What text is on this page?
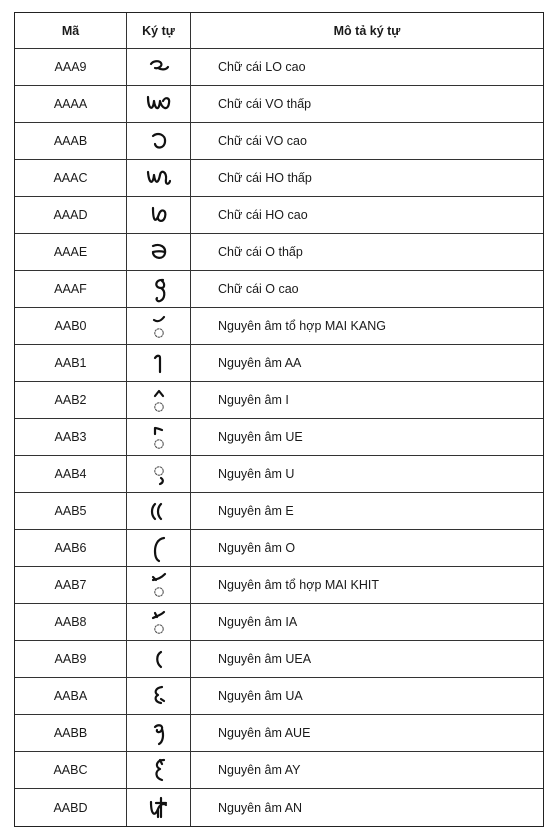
Mã	Ký tự	Mô tả ký tự
AAA9	Chữ cái LO cao
AAAA	Chữ cái VO thấp
AAAB	Chữ cái VO cao
AAAC	Chữ cái HO thấp
AAAD	Chữ cái HO cao
AAAE	Chữ cái O thấp
AAAF	Chữ cái O cao
AAB0	Nguyên âm tổ hợp MAI KANG
AAB1	Nguyên âm AA
AAB2	Nguyên âm I
AAB3	Nguyên âm UE
AAB4	Nguyên âm U
AAB5	Nguyên âm E
AAB6	Nguyên âm O
AAB7	Nguyên âm tổ hợp MAI KHIT
AAB8	Nguyên âm IA
AAB9	Nguyên âm UEA
AABA	Nguyên âm UA
AABB	Nguyên âm AUE
AABC	Nguyên âm AY
AABD	Nguyên âm AN
